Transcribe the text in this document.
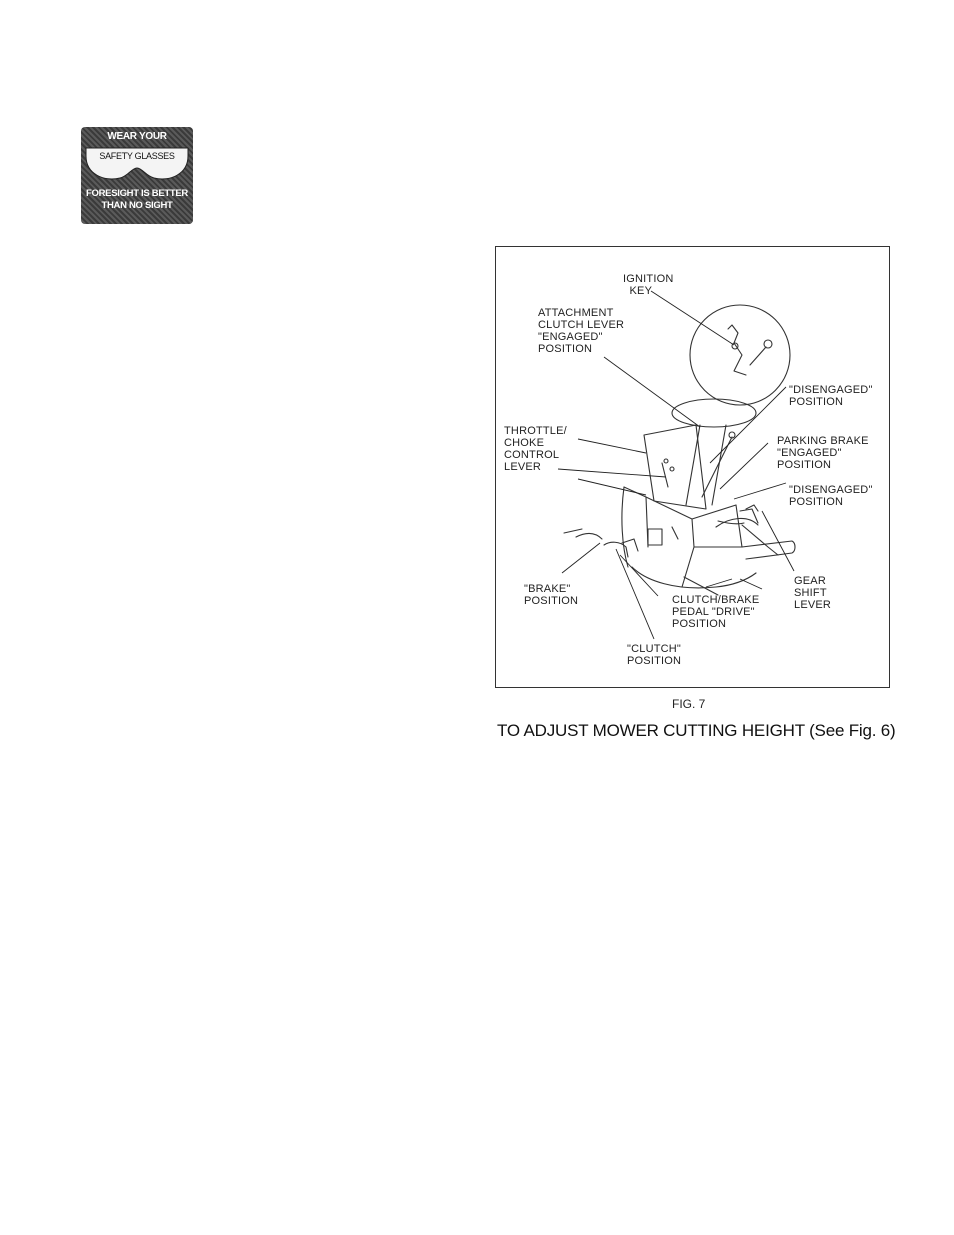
WEAR YOUR
SAFETY GLASSES
FORESIGHT IS BETTER
THAN NO SIGHT
IGNITION
KEY
ATTACHMENT
CLUTCH LEVER
"ENGAGED"
POSITION
"DISENGAGED"
POSITION
THROTTLE/
CHOKE
CONTROL
LEVER
PARKING BRAKE
"ENGAGED"
POSITION
"DISENGAGED"
POSITION
GEAR
SHIFT
LEVER
"BRAKE"
POSITION	CLUTCH/BRAKE
PEDAL "DRIVE"
POSITION
"CLUTCH"
POSITION
FIG. 7
TO ADJUST MOWER CUTTING HEIGHT (See Fig. 6)
